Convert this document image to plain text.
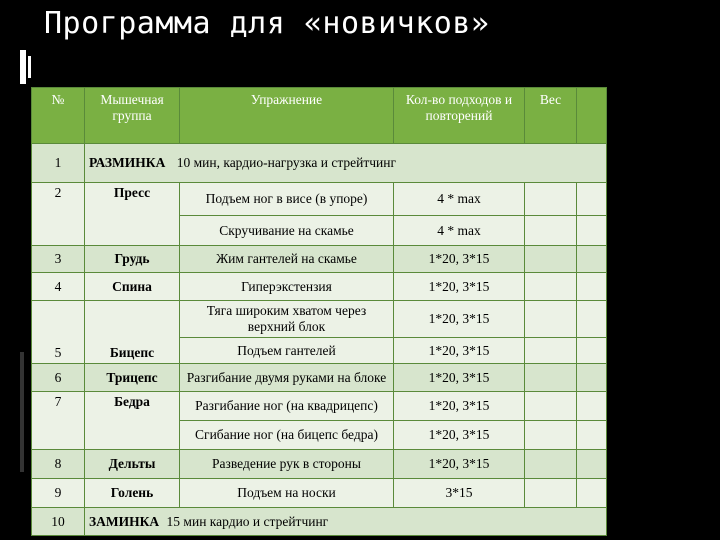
Программа для «новичков»
№	Мышечная группа	Упражнение	Кол-во подходов и повторений	Вес	
1	РАЗМИНКА 10 мин, кардио-нагрузка и стрейтчинг				
2	Пресс	Подъем ног в висе (в упоре)	4 * max		
		Скручивание на скамье	4 * max		
3	Грудь	Жим гантелей на скамье	1*20, 3*15		
4	Спина	Гиперэкстензия	1*20, 3*15		
5	Бицепс	Тяга широким хватом через верхний блок	1*20, 3*15		
		Подъем гантелей	1*20, 3*15		
6	Трицепс	Разгибание двумя руками на блоке	1*20, 3*15		
7	Бедра	Разгибание ног (на квадрицепс)	1*20, 3*15		
		Сгибание ног (на бицепс бедра)	1*20, 3*15		
8	Дельты	Разведение рук в стороны	1*20, 3*15		
9	Голень	Подъем на носки	3*15		
10	ЗАМИНКА 15 мин кардио и стрейтчинг				
